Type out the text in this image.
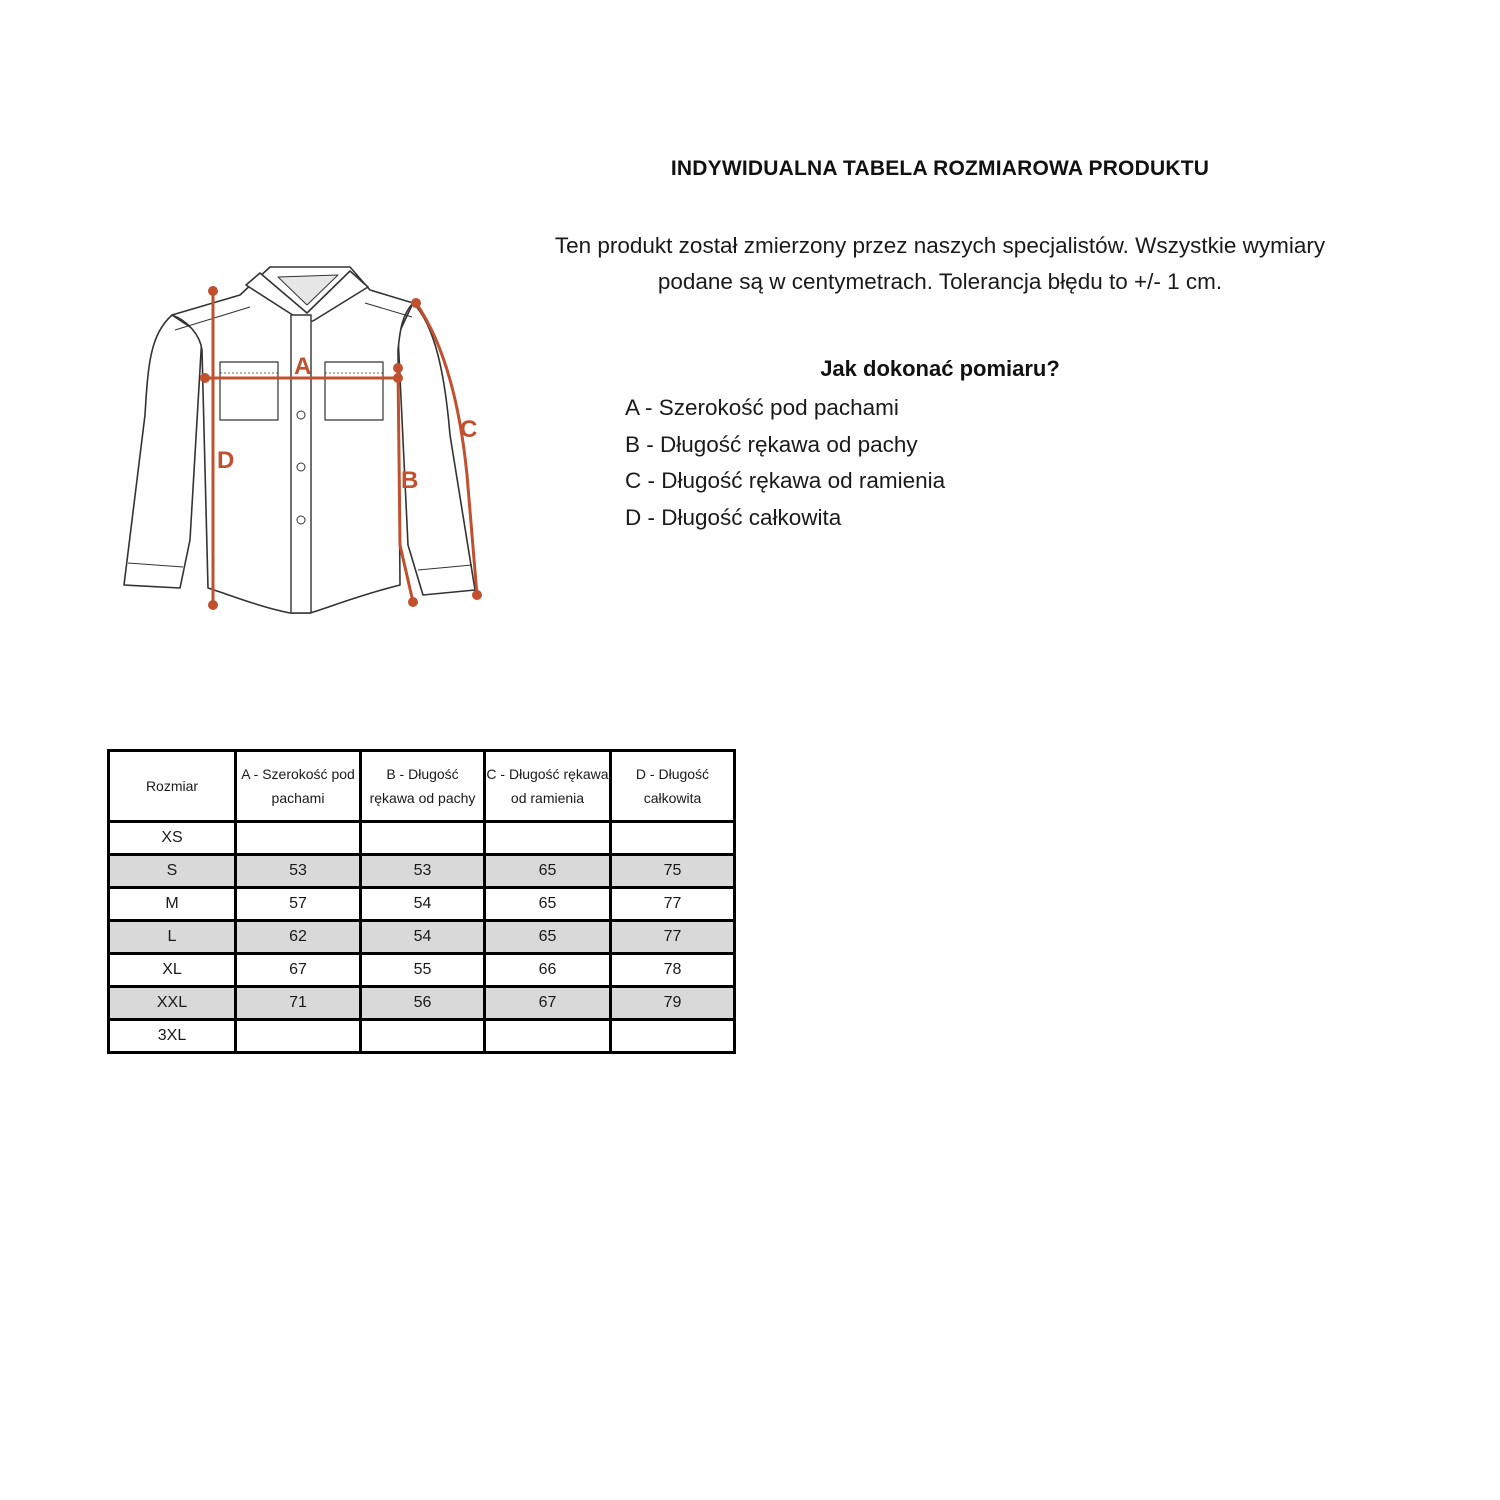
INDYWIDUALNA TABELA ROZMIAROWA PRODUKTU
Ten produkt został zmierzony przez naszych specjalistów. Wszystkie wymiary
podane są w centymetrach. Tolerancja błędu to +/- 1 cm.
Jak dokonać pomiaru?
A - Szerokość pod pachami
B - Długość rękawa od pachy
C - Długość rękawa od ramienia
D - Długość całkowita
A
D
B
C
Rozmiar	A - Szerokość pod pachami	B - Długość rękawa od pachy	C - Długość rękawa od ramienia	D - Długość całkowita
XS				
S	53	53	65	75
M	57	54	65	77
L	62	54	65	77
XL	67	55	66	78
XXL	71	56	67	79
3XL				
